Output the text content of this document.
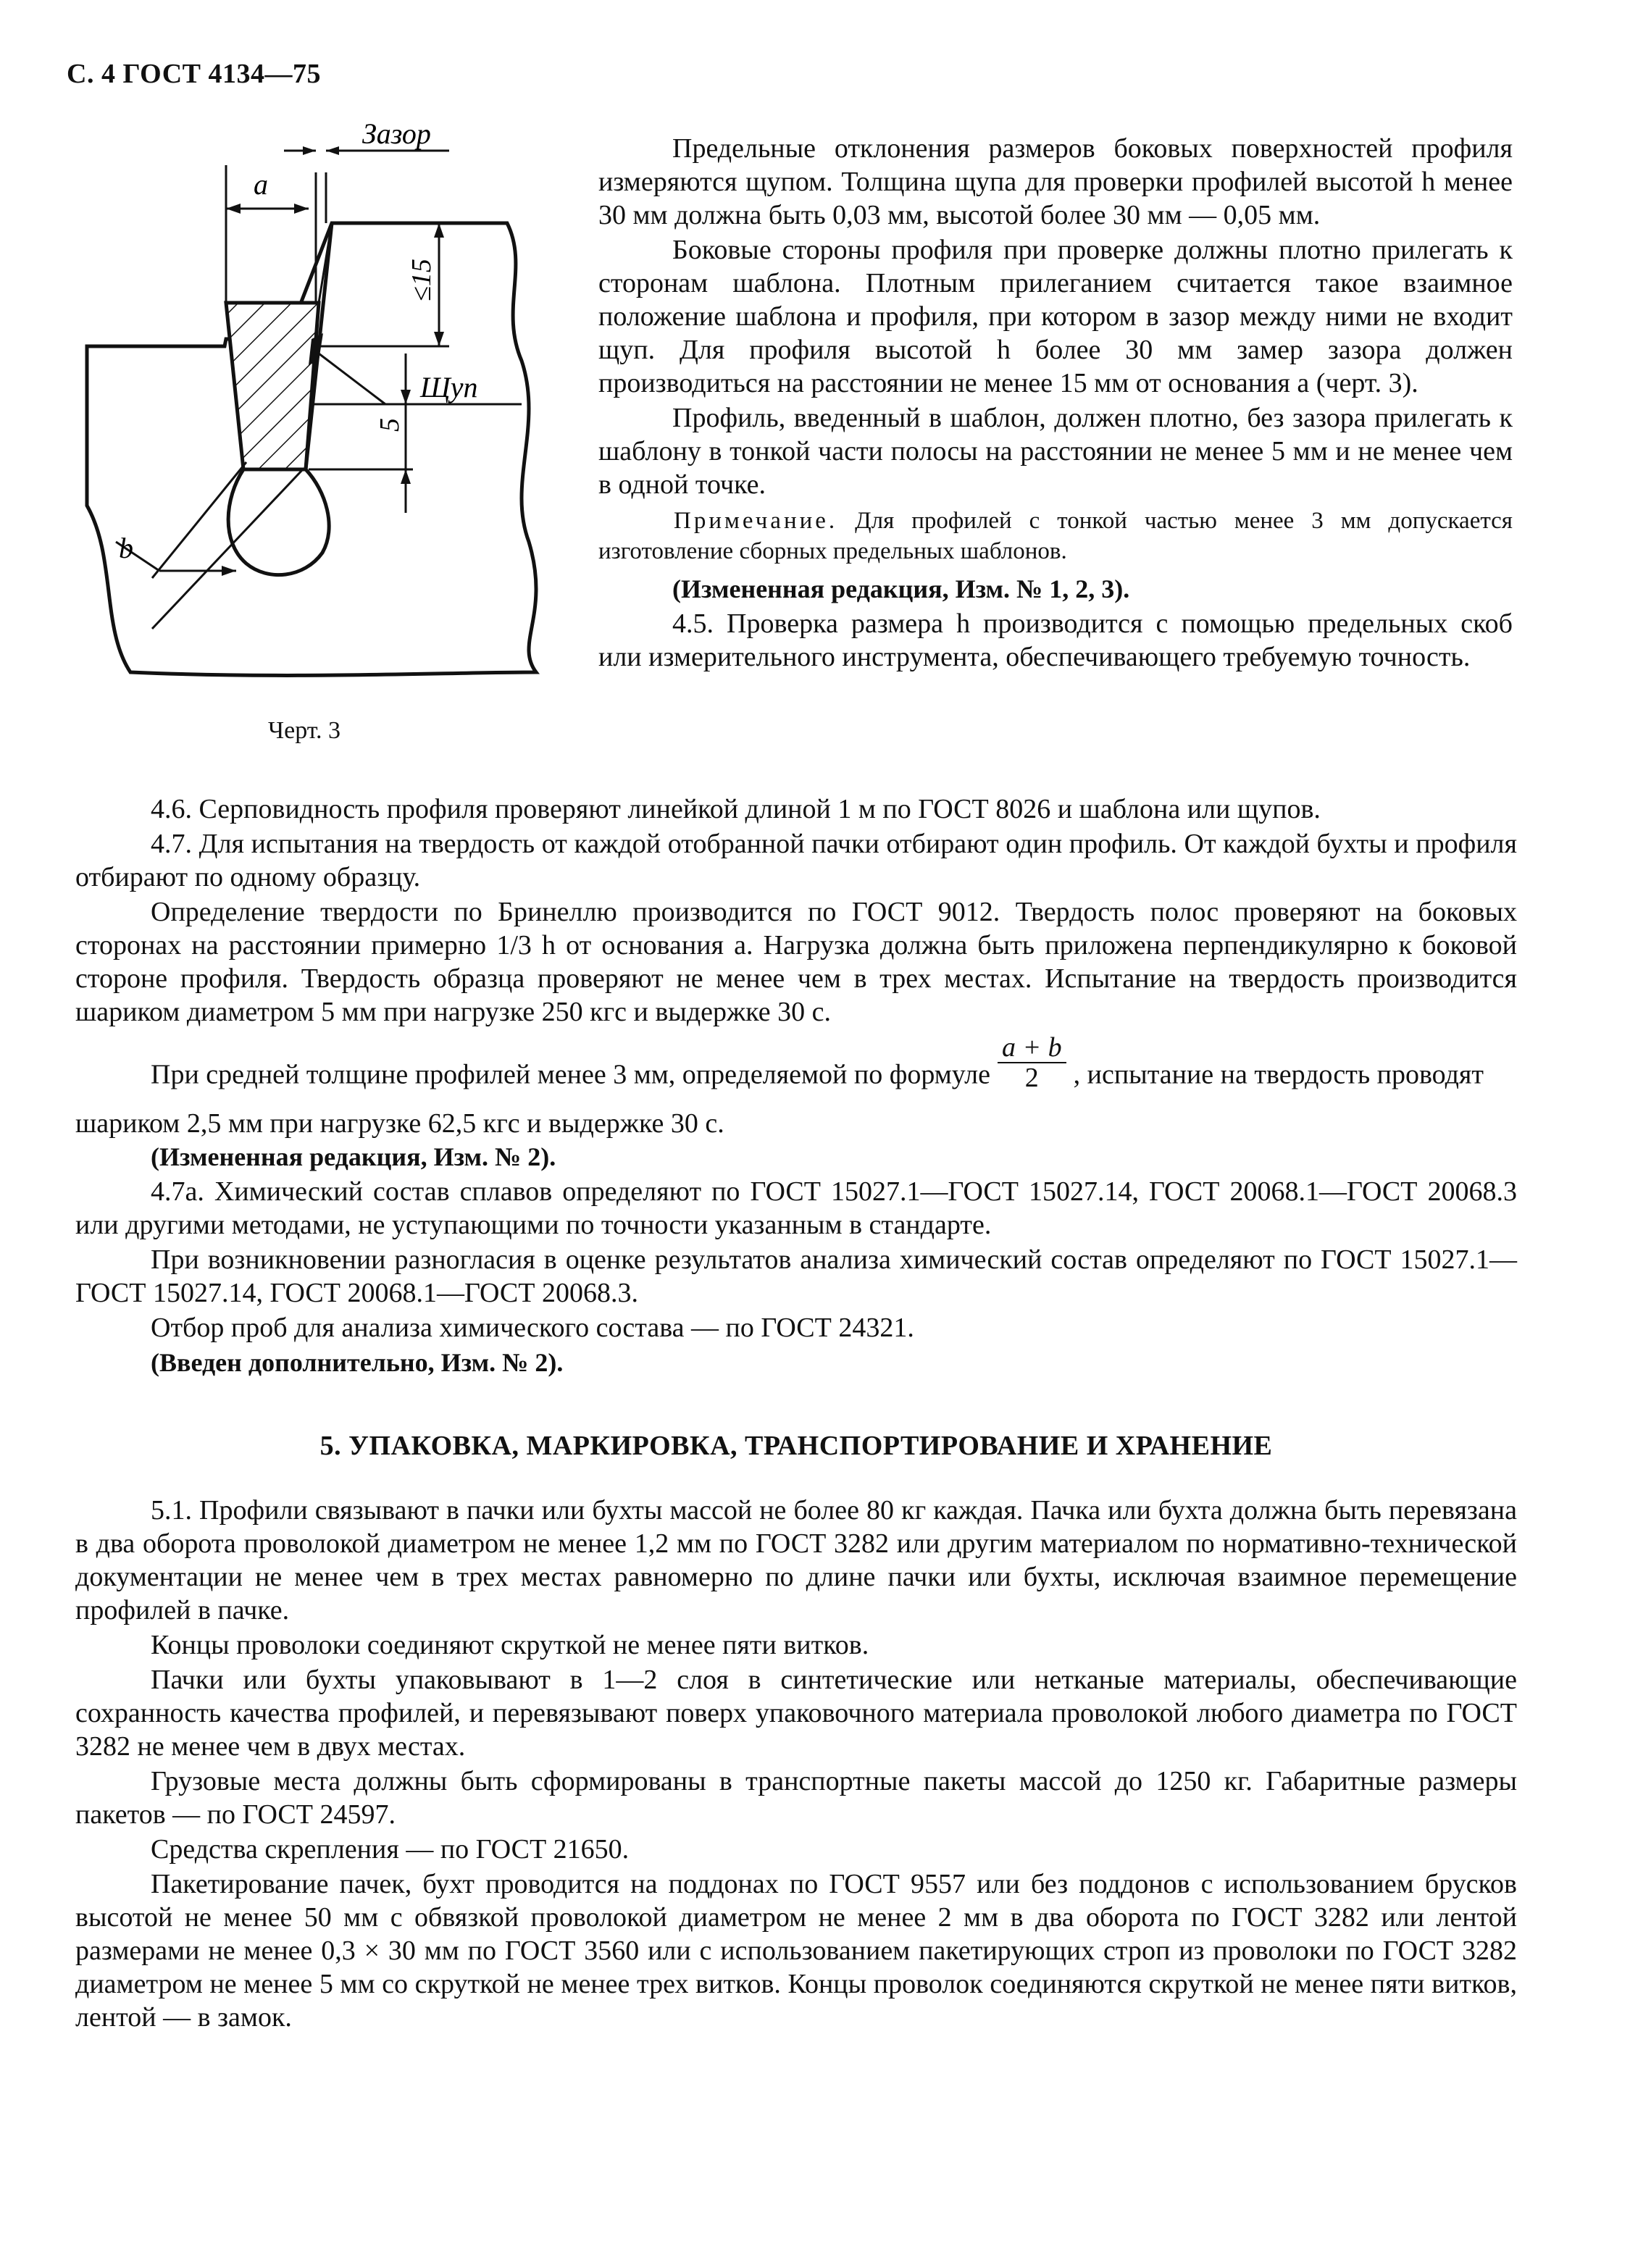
С. 4 ГОСТ 4134—75
a
Зазор
≤15
Щуп
5
b
Черт. 3

Предельные отклонения размеров боковых поверхностей профиля измеряются щупом. Толщина щупа для проверки профилей высотой h менее 30 мм должна быть 0,03 мм, высотой более 30 мм — 0,05 мм.

Боковые стороны профиля при проверке должны плотно прилегать к сторонам шаблона. Плотным прилеганием считается такое взаимное положение шаблона и профиля, при котором в зазор между ними не входит щуп. Для профиля высотой h более 30 мм замер зазора должен производиться на расстоянии не менее 15 мм от основания a (черт. 3).

Профиль, введенный в шаблон, должен плотно, без зазора прилегать к шаблону в тонкой части полосы на расстоянии не менее 5 мм и не менее чем в одной точке.

Примечание. Для профилей с тонкой частью менее 3 мм допускается изготовление сборных предельных шаблонов.

(Измененная редакция, Изм. № 1, 2, 3).

4.5. Проверка размера h производится с помощью предельных скоб или измерительного инструмента, обеспечивающего требуемую точность.

4.6. Серповидность профиля проверяют линейкой длиной 1 м по ГОСТ 8026 и шаблона или щупов.

4.7. Для испытания на твердость от каждой отобранной пачки отбирают один профиль. От каждой бухты и профиля отбирают по одному образцу.

Определение твердости по Бринеллю производится по ГОСТ 9012. Твердость полос проверяют на боковых сторонах на расстоянии примерно 1/3 h от основания a. Нагрузка должна быть приложена перпендикулярно к боковой стороне профиля. Твердость образца проверяют не менее чем в трех местах. Испытание на твердость производится шариком диаметром 5 мм при нагрузке 250 кгс и выдержке 30 с.

При средней толщине профилей менее 3 мм, определяемой по формуле $\frac{a + b}{2}$ , испытание на твердость проводят шариком 2,5 мм при нагрузке 62,5 кгс и выдержке 30 с.

(Измененная редакция, Изм. № 2).

4.7а. Химический состав сплавов определяют по ГОСТ 15027.1—ГОСТ 15027.14, ГОСТ 20068.1—ГОСТ 20068.3 или другими методами, не уступающими по точности указанным в стандарте.

При возникновении разногласия в оценке результатов анализа химический состав определяют по ГОСТ 15027.1—ГОСТ 15027.14, ГОСТ 20068.1—ГОСТ 20068.3.

Отбор проб для анализа химического состава — по ГОСТ 24321.

(Введен дополнительно, Изм. № 2).

5. УПАКОВКА, МАРКИРОВКА, ТРАНСПОРТИРОВАНИЕ И ХРАНЕНИЕ

5.1. Профили связывают в пачки или бухты массой не более 80 кг каждая. Пачка или бухта должна быть перевязана в два оборота проволокой диаметром не менее 1,2 мм по ГОСТ 3282 или другим материалом по нормативно-технической документации не менее чем в трех местах равномерно по длине пачки или бухты, исключая взаимное перемещение профилей в пачке.

Концы проволоки соединяют скруткой не менее пяти витков.

Пачки или бухты упаковывают в 1—2 слоя в синтетические или нетканые материалы, обеспечивающие сохранность качества профилей, и перевязывают поверх упаковочного материала проволокой любого диаметра по ГОСТ 3282 не менее чем в двух местах.

Грузовые места должны быть сформированы в транспортные пакеты массой до 1250 кг. Габаритные размеры пакетов — по ГОСТ 24597.

Средства скрепления — по ГОСТ 21650.

Пакетирование пачек, бухт проводится на поддонах по ГОСТ 9557 или без поддонов с использованием брусков высотой не менее 50 мм с обвязкой проволокой диаметром не менее 2 мм в два оборота по ГОСТ 3282 или лентой размерами не менее 0,3 × 30 мм по ГОСТ 3560 или с использованием пакетирующих строп из проволоки по ГОСТ 3282 диаметром не менее 5 мм со скруткой не менее трех витков. Концы проволок соединяются скруткой не менее пяти витков, лентой — в замок.
